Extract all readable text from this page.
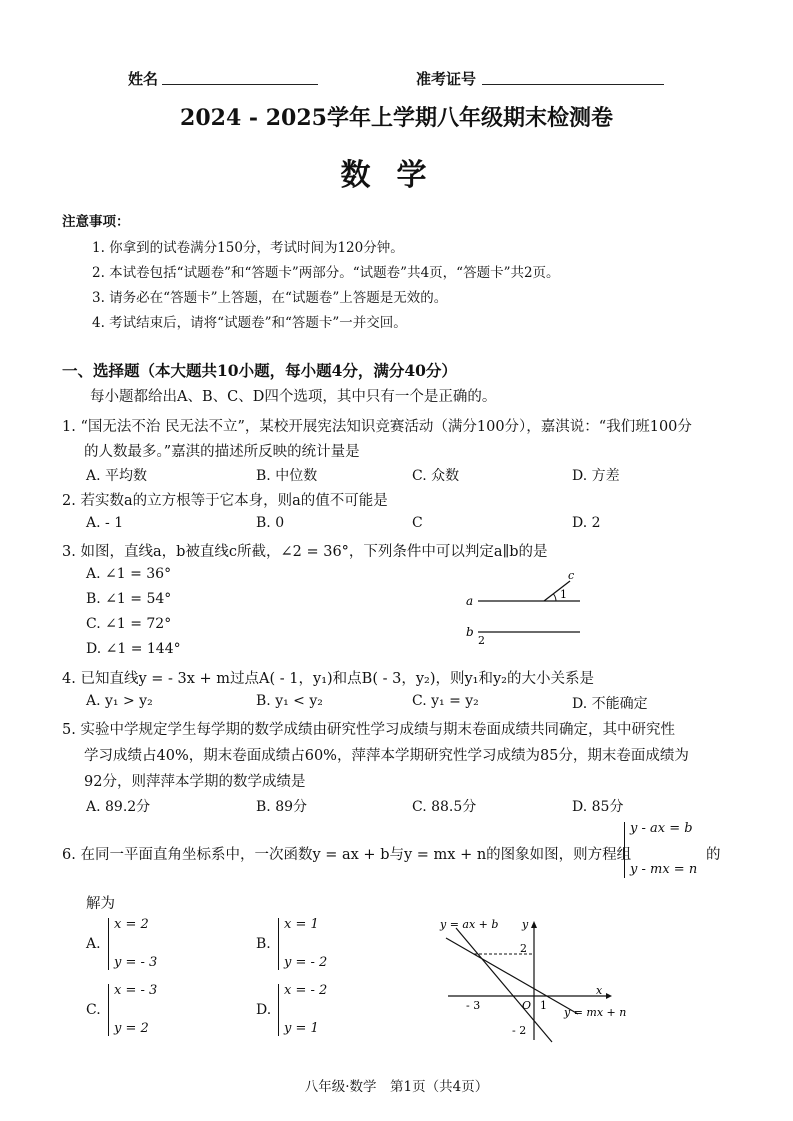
姓名	准考证号
2024 - 2025学年上学期八年级期末检测卷
数学
注意事项：
1. 你拿到的试卷满分150分，考试时间为120分钟。
2. 本试卷包括“试题卷”和“答题卡”两部分。“试题卷”共4页，“答题卡”共2页。
3. 请务必在“答题卡”上答题，在“试题卷”上答题是无效的。
4. 考试结束后，请将“试题卷”和“答题卡”一并交回。
一、选择题（本大题共10小题，每小题4分，满分40分）
每小题都给出A、B、C、D四个选项，其中只有一个是正确的。
1. “国无法不治 民无法不立”，某校开展宪法知识竞赛活动（满分100分），嘉淇说：“我们班100分
的人数最多。”嘉淇的描述所反映的统计量是
A. 平均数	B. 中位数	C. 众数	D. 方差
2. 若实数a的立方根等于它本身，则a的值不可能是
A. - 1	B. 0	C	D. 2
3. 如图，直线a，b被直线c所截，∠2 = 36°，下列条件中可以判定a∥b的是
A. ∠1 = 36°
B. ∠1 = 54°
C. ∠1 = 72°
D. ∠1 = 144°
a
b
c
1
2
4. 已知直线y = - 3x + m过点A( - 1，y₁)和点B( - 3，y₂)，则y₁和y₂的大小关系是
A. y₁ > y₂	B. y₁ < y₂	C. y₁ = y₂	D. 不能确定
5. 实验中学规定学生每学期的数学成绩由研究性学习成绩与期末卷面成绩共同确定，其中研究性
学习成绩占40%，期末卷面成绩占60%，萍萍本学期研究性学习成绩为85分，期末卷面成绩为
92分，则萍萍本学期的数学成绩是
A. 89.2分	B. 89分	C. 88.5分	D. 85分
6. 在同一平面直角坐标系中，一次函数y = ax + b与y = mx + n的图象如图，则方程组
y - ax = b
y - mx = n
的
解为
A.
x = 2
y = - 3
B.
x = 1
y = - 2
C.
x = - 3
y = 2
D.
x = - 2
y = 1
y = ax + b
y = mx + n
y
x
O
- 3	1
2
- 2
八年级·数学　第1页（共4页）
